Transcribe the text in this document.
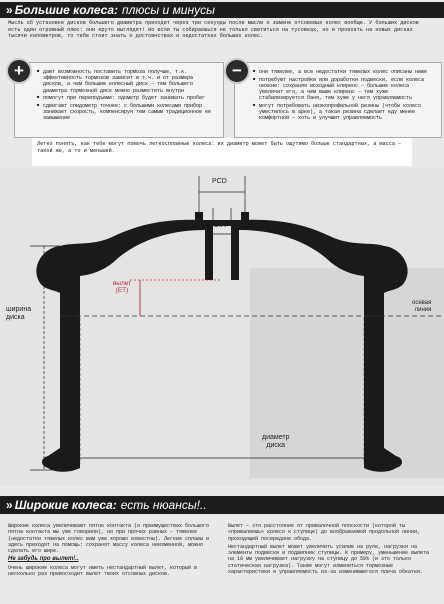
» Большие колеса: плюсы и минусы
Мысль об установке дисков большего диаметра приходит через три секунды после мысли о замене отсовевых колес вообще. У больших дисков есть один огромный плюс: они круто выглядят! Но если ты собираешься не только светиться на тусовках, но и проехать на новых дисках тысячи километров, то тебе стоит знать о достоинствах и недостатках больших колес.
■ дают возможность поставить тормоза получше, т.к. эффективность тормозов зависит в т.ч. и от размера дисков, а чем большие колесный диск – тем большего диаметра тормозной диск можно разместить внутри
■ помогут при переподъеме: одометр будет занижать пробег
■ сдвигают спидометр точнее: с большими колесами прибор занижает скорость, компенсируя тем самым традиционное ее завышение
+
■	они тяжелее, а все недостатки тяжелых колес описаны ниже
■ потребуют настройки или доработки подвески, если колеса низкие: сохраняя исходный клиренс – большие колеса увеличат его, а чем выше клиренс – тем хуже стабилизируется баня, тем хуже у него управляемость
■ могут потребовать низкопрофильной резины (чтобы колесо уместилось в арке), а такая резина сделает еду менее комфортной – хоть и улучшит управляемость
−
Легко понять, как тебе могут помочь легкосплавные колеса: их диаметр может быть ощутимо больше стандартных, а масса – такой же, а то и меньшей.
PCD
DIA
вылет
(ET)
ширина
диска
осевая
линия
диаметр
диска
» Широкие колеса: есть нюансы!..

Широкие колеса увеличивают пятно контакта (о преимуществах большого пятна контакта мы уже говорили), но при прочих равных – тяжелее (недостатки тяжелых колес вам уже хорошо известны). Легкие сплавы и здесь приходят на помощь: сохранят массу колеса неизменной, можно сделать его шире.

Не забудь про вылет!..

Очень широкие колеса могут иметь нестандартный вылет, который в несколько раз превосходит вылет твоих отсовных дисков.

Вылет – это расстояние от привалочной плоскости (которой ты «привалиешь» колесо к ступице) до воображаемой продольной линии, проходящей посередине обода.

Нестандартный вылет может увеличить усилие на руле, нагрузки на элементы подвески и подшипник ступицы. К примеру, уменьшение вылета на 10 мм увеличивает нагрузку на ступицу до 50% (и это только статическая нагрузка). Также могут измениться тормозные характеристики и управляемость из-за изменившегося плеча обкатки.
